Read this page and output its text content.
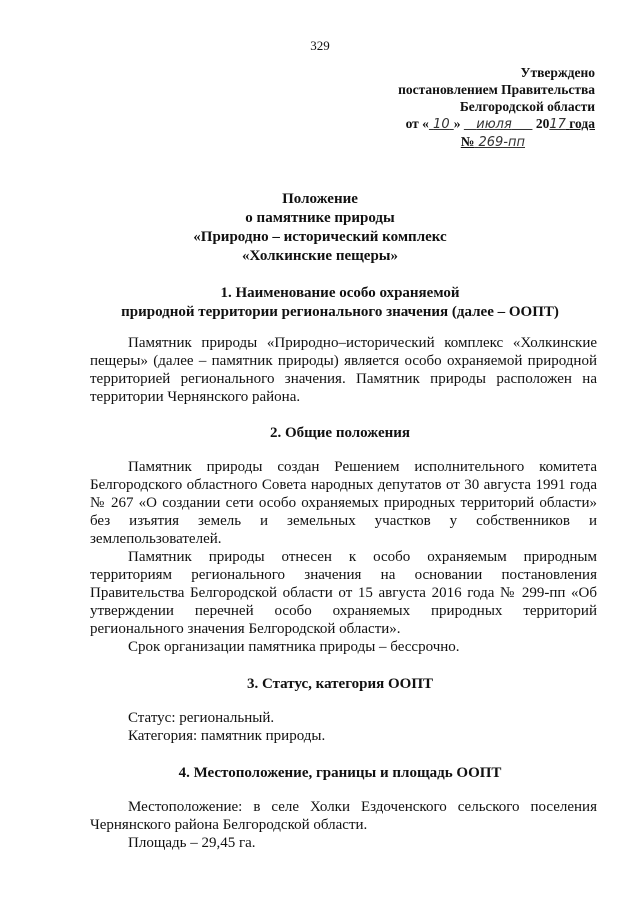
329
Утверждено
постановлением Правительства
Белгородской области
от « 10 » июля 2017 года
№ 269-пп
Положение
о памятнике природы
«Природно – исторический комплекс
«Холкинские пещеры»
1. Наименование особо охраняемой
природной территории регионального значения (далее – ООПТ)

Памятник природы «Природно–исторический комплекс «Холкинские пещеры» (далее – памятник природы) является особо охраняемой природной территорией регионального значения. Памятник природы расположен на территории Чернянского района.

2. Общие положения

Памятник природы создан Решением исполнительного комитета Белгородского областного Совета народных депутатов от 30 августа 1991 года № 267 «О создании сети особо охраняемых природных территорий области» без изъятия земель и земельных участков у собственников и землепользователей.

Памятник природы отнесен к особо охраняемым природным территориям регионального значения на основании постановления Правительства Белгородской области от 15 августа 2016 года № 299-пп «Об утверждении перечней особо охраняемых природных территорий регионального значения Белгородской области».

Срок организации памятника природы – бессрочно.

3. Статус, категория ООПТ

Статус: региональный.

Категория: памятник природы.

4. Местоположение, границы и площадь ООПТ

Местоположение: в селе Холки Ездоченского сельского поселения Чернянского района Белгородской области.

Площадь – 29,45 га.
